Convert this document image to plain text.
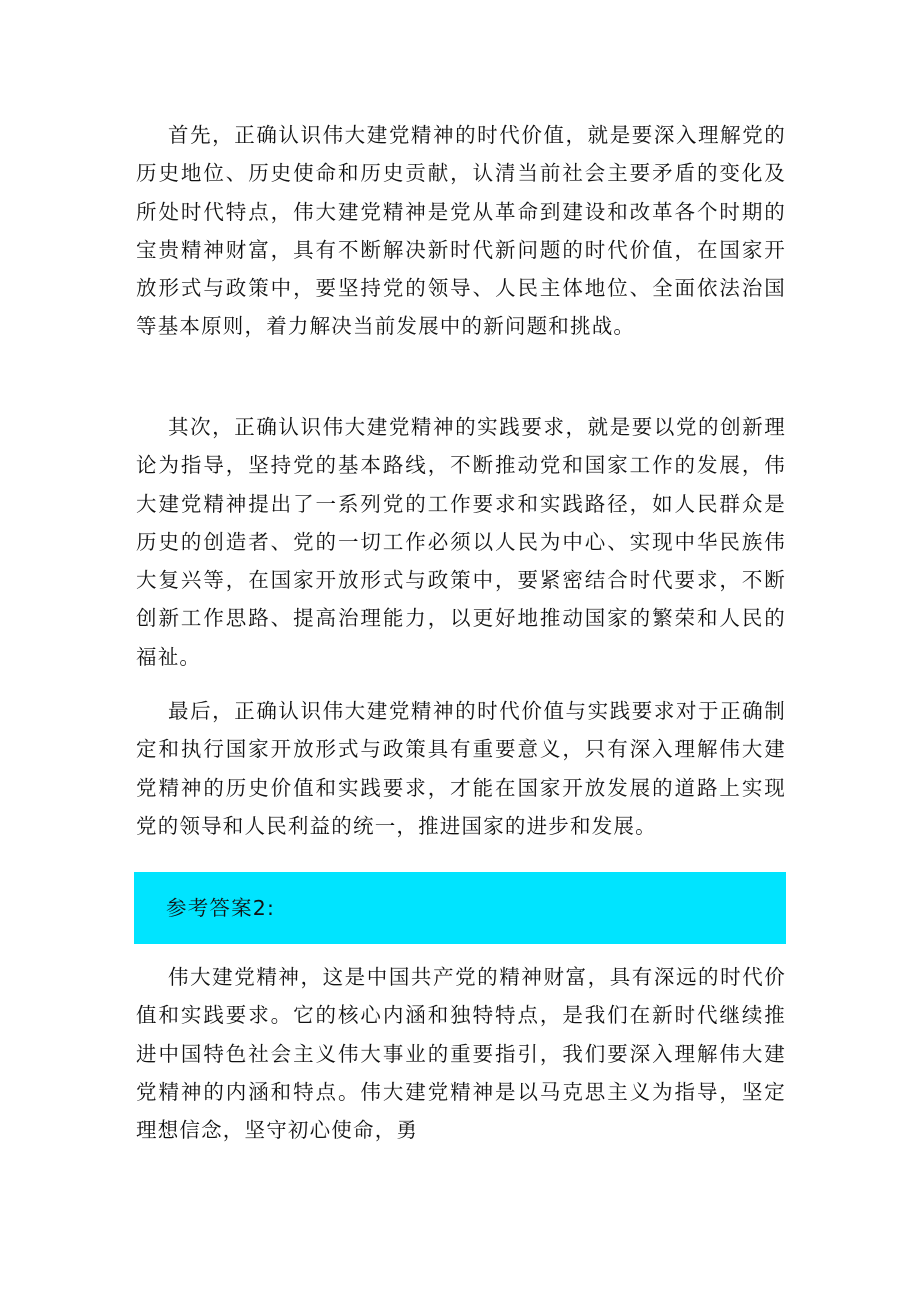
首先，正确认识伟大建党精神的时代价值，就是要深入理解党的历史地位、历史使命和历史贡献，认清当前社会主要矛盾的变化及所处时代特点，伟大建党精神是党从革命到建设和改革各个时期的宝贵精神财富，具有不断解决新时代新问题的时代价值，在国家开放形式与政策中，要坚持党的领导、人民主体地位、全面依法治国等基本原则，着力解决当前发展中的新问题和挑战。

其次，正确认识伟大建党精神的实践要求，就是要以党的创新理论为指导，坚持党的基本路线，不断推动党和国家工作的发展，伟大建党精神提出了一系列党的工作要求和实践路径，如人民群众是历史的创造者、党的一切工作必须以人民为中心、实现中华民族伟大复兴等，在国家开放形式与政策中，要紧密结合时代要求，不断创新工作思路、提高治理能力，以更好地推动国家的繁荣和人民的福祉。

最后，正确认识伟大建党精神的时代价值与实践要求对于正确制定和执行国家开放形式与政策具有重要意义，只有深入理解伟大建党精神的历史价值和实践要求，才能在国家开放发展的道路上实现党的领导和人民利益的统一，推进国家的进步和发展。

参考答案2:

伟大建党精神，这是中国共产党的精神财富，具有深远的时代价值和实践要求。它的核心内涵和独特特点，是我们在新时代继续推进中国特色社会主义伟大事业的重要指引，我们要深入理解伟大建党精神的内涵和特点。伟大建党精神是以马克思主义为指导，坚定理想信念，坚守初心使命，勇
